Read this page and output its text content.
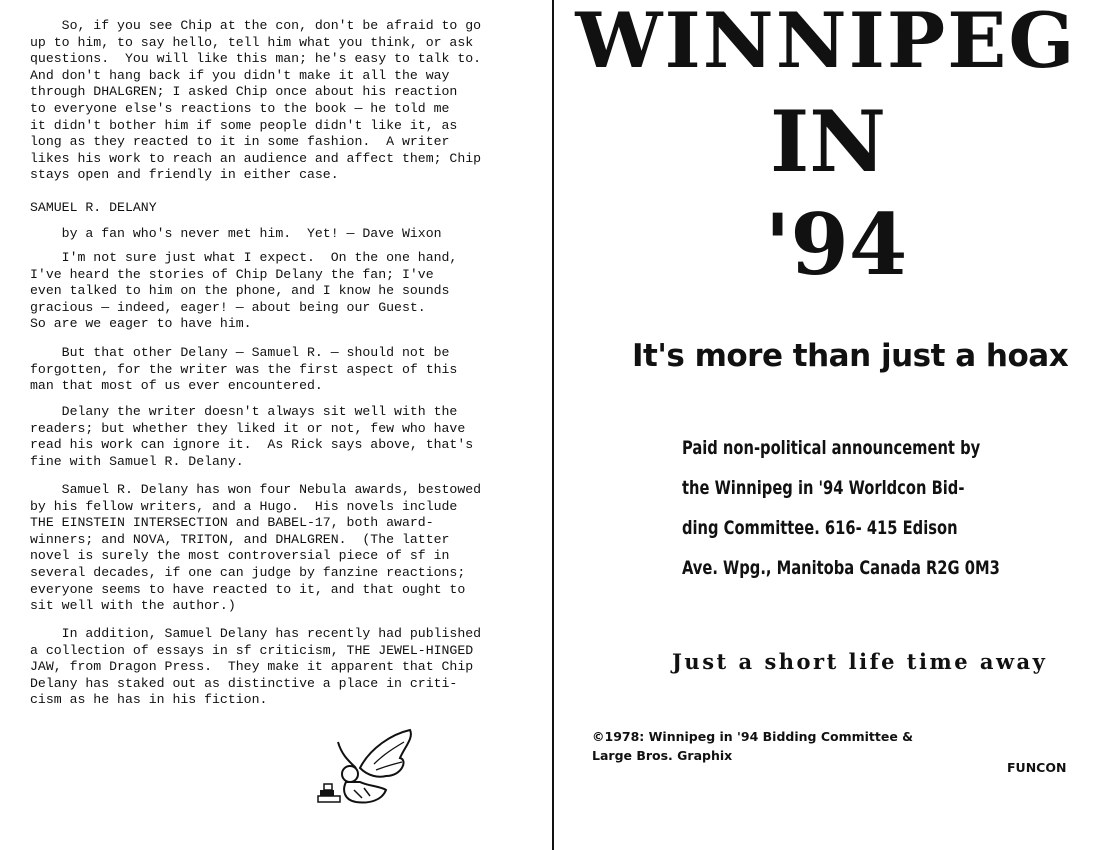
So, if you see Chip at the con, don't be afraid to go
up to him, to say hello, tell him what you think, or ask
questions.  You will like this man; he's easy to talk to.
And don't hang back if you didn't make it all the way
through DHALGREN; I asked Chip once about his reaction
to everyone else's reactions to the book — he told me
it didn't bother him if some people didn't like it, as
long as they reacted to it in some fashion.  A writer
likes his work to reach an audience and affect them; Chip
stays open and friendly in either case.

SAMUEL R. DELANY

by a fan who's never met him.  Yet! — Dave Wixon

I'm not sure just what I expect.  On the one hand,
I've heard the stories of Chip Delany the fan; I've
even talked to him on the phone, and I know he sounds
gracious — indeed, eager! — about being our Guest.
So are we eager to have him.

But that other Delany — Samuel R. — should not be
forgotten, for the writer was the first aspect of this
man that most of us ever encountered.

Delany the writer doesn't always sit well with the
readers; but whether they liked it or not, few who have
read his work can ignore it.  As Rick says above, that's
fine with Samuel R. Delany.

Samuel R. Delany has won four Nebula awards, bestowed
by his fellow writers, and a Hugo.  His novels include
THE EINSTEIN INTERSECTION and BABEL-17, both award-
winners; and NOVA, TRITON, and DHALGREN.  (The latter
novel is surely the most controversial piece of sf in
several decades, if one can judge by fanzine reactions;
everyone seems to have reacted to it, and that ought to
sit well with the author.)

In addition, Samuel Delany has recently had published
a collection of essays in sf criticism, THE JEWEL-HINGED
JAW, from Dragon Press.  They make it apparent that Chip
Delany has staked out as distinctive a place in criti-
cism as he has in his fiction.

WINNIPEG
IN
'94
It's more than just a hoax
Paid non-political announcement by
the Winnipeg in '94 Worldcon Bid-
ding Committee. 616- 415 Edison
Ave. Wpg., Manitoba Canada R2G 0M3
Just a short life time away
©1978: Winnipeg in '94 Bidding Committee &
Large Bros. Graphix
FUNCON
